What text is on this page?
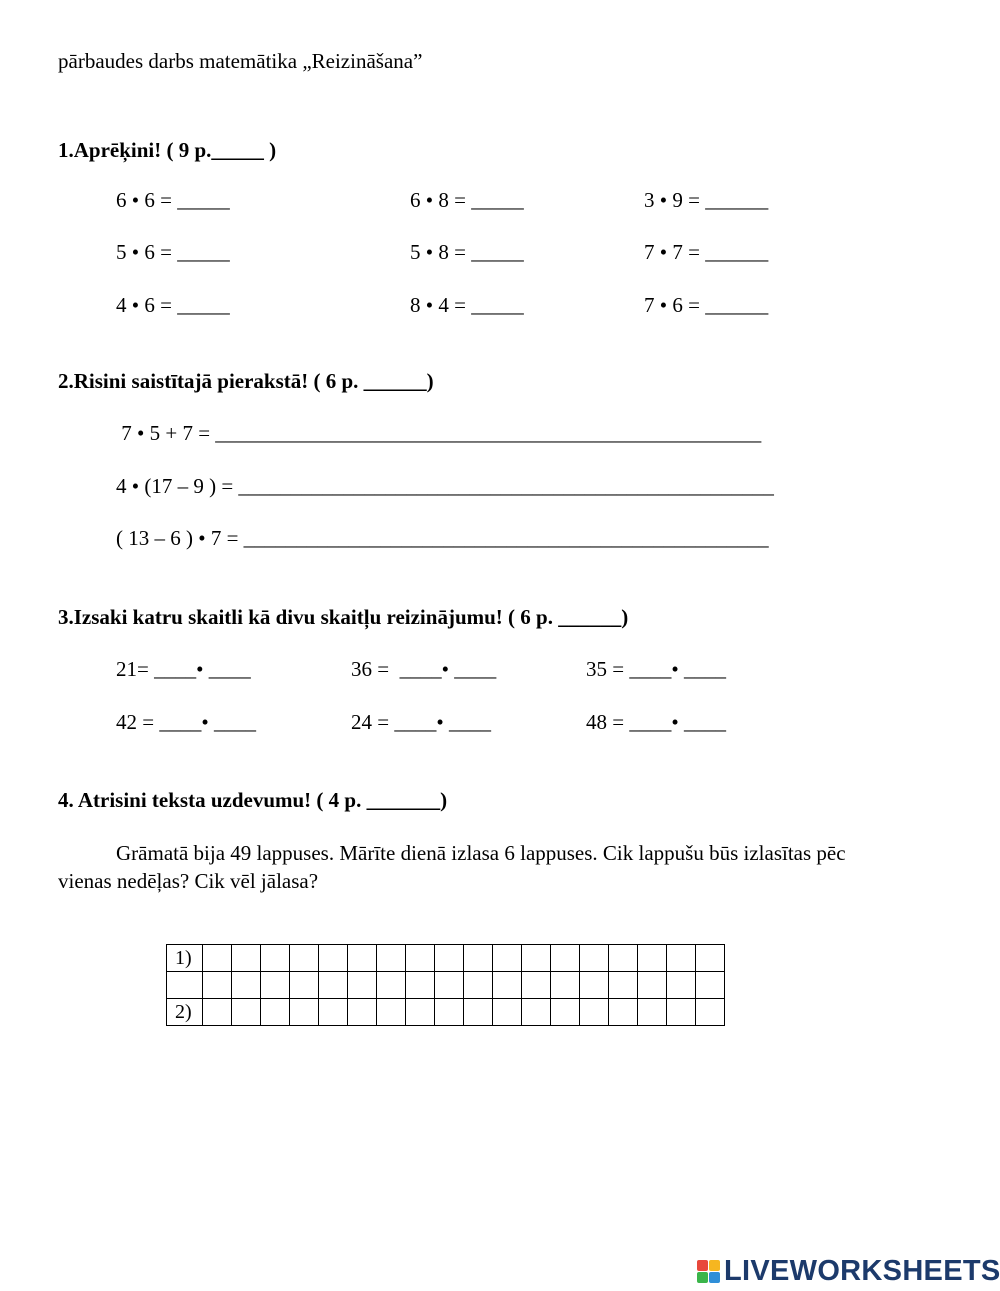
pārbaudes darbs matemātika „Reizināšana”
1.Aprēķini! ( 9 p._____ )
6 • 6 = _____	6 • 8 = _____	3 • 9 = ______
5 • 6 = _____	5 • 8 = _____	7 • 7 = ______
4 • 6 = _____	8 • 4 = _____	7 • 6 = ______
2.Risini saistītajā pierakstā! ( 6 p. ______)
7 • 5 + 7 = ____________________________________________________
4 • (17 – 9 ) = ___________________________________________________
( 13 – 6 ) • 7 = __________________________________________________
3.Izsaki katru skaitli kā divu skaitļu reizinājumu! ( 6 p. ______)
21= ____• ____	36 =  ____• ____	35 = ____• ____
42 = ____• ____	24 = ____• ____	48 = ____• ____
4. Atrisini teksta uzdevumu! ( 4 p. _______)
Grāmatā bija 49 lappuses. Mārīte dienā izlasa 6 lappuses. Cik lappušu būs izlasītas pēc
vienas nedēļas? Cik vēl jālasa?
1)																		

2)																		
LIVEWORKSHEETS
